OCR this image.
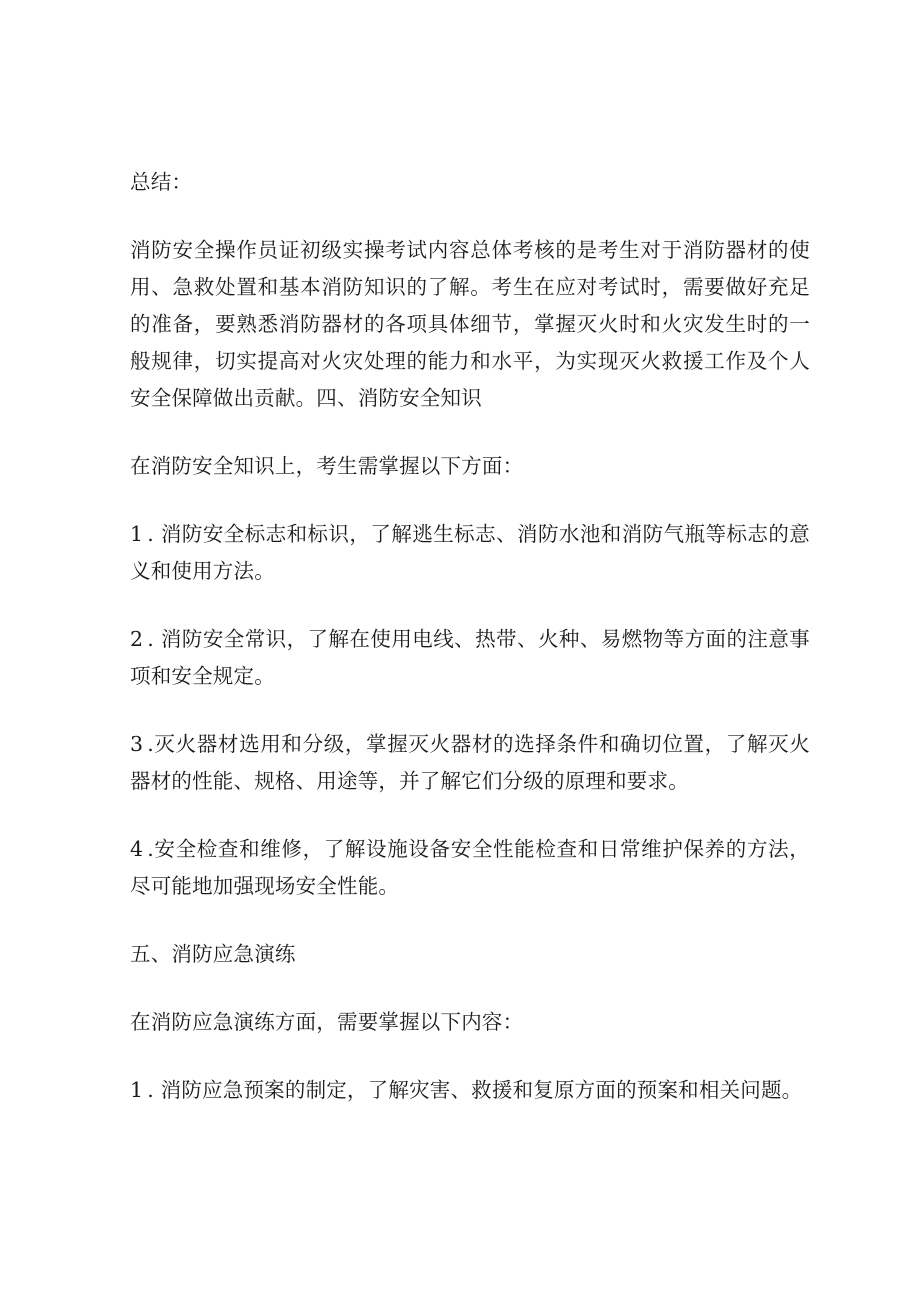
总结：

消防安全操作员证初级实操考试内容总体考核的是考生对于消防器材的使用、急救处置和基本消防知识的了解。考生在应对考试时，需要做好充足的准备，要熟悉消防器材的各项具体细节，掌握灭火时和火灾发生时的一般规律，切实提高对火灾处理的能力和水平，为实现灭火救援工作及个人安全保障做出贡献。四、消防安全知识

在消防安全知识上，考生需掌握以下方面：

1 . 消防安全标志和标识，了解逃生标志、消防水池和消防气瓶等标志的意义和使用方法。

2 . 消防安全常识，了解在使用电线、热带、火种、易燃物等方面的注意事项和安全规定。

3 .灭火器材选用和分级，掌握灭火器材的选择条件和确切位置，了解灭火器材的性能、规格、用途等，并了解它们分级的原理和要求。

4 .安全检查和维修，了解设施设备安全性能检查和日常维护保养的方法，尽可能地加强现场安全性能。

五、消防应急演练

在消防应急演练方面，需要掌握以下内容：

1 . 消防应急预案的制定，了解灾害、救援和复原方面的预案和相关问题。
